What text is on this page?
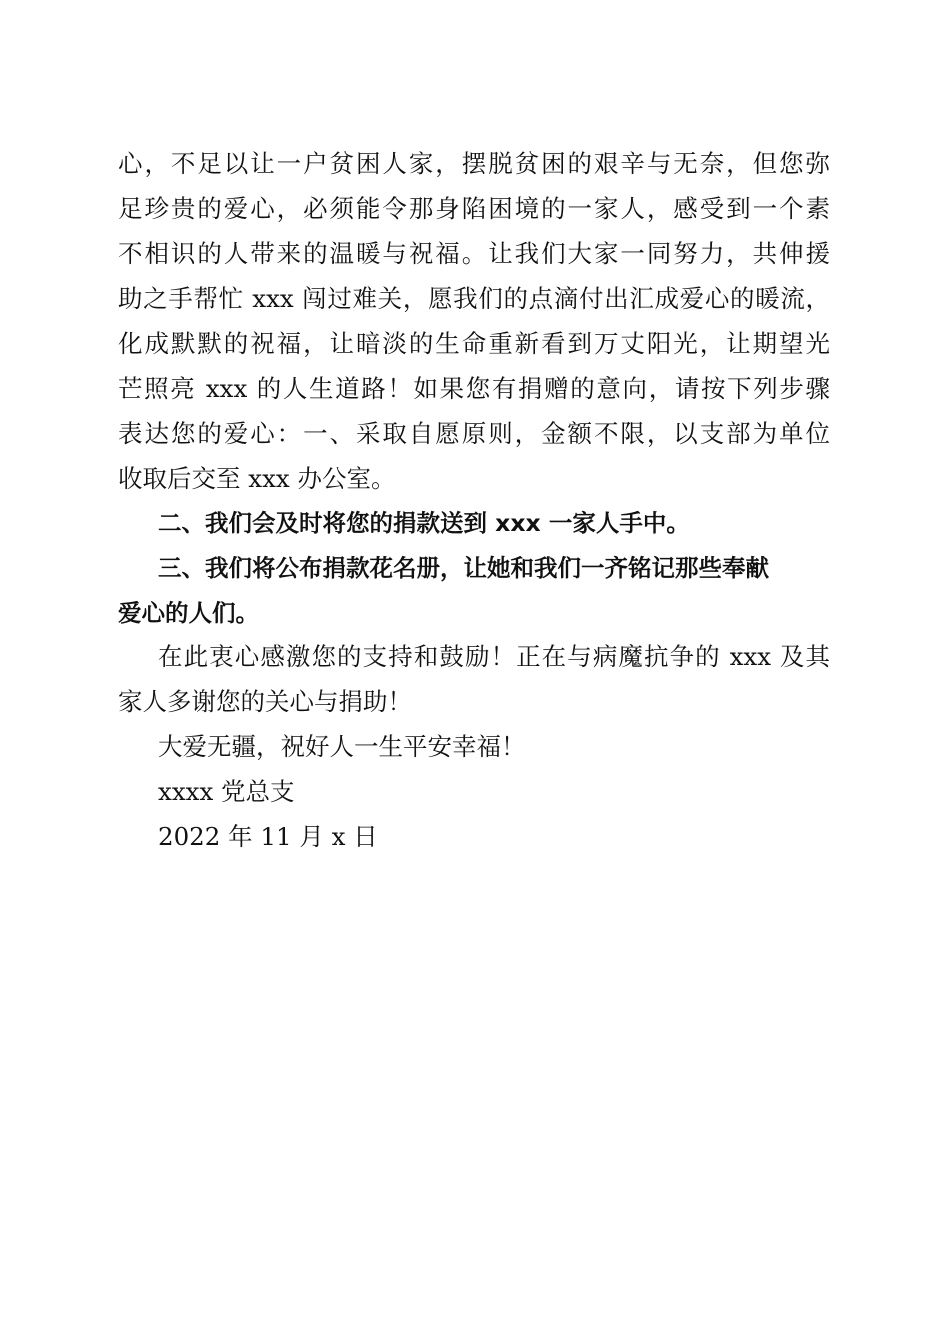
心，不足以让一户贫困人家，摆脱贫困的艰辛与无奈，但您弥
足珍贵的爱心，必须能令那身陷困境的一家人，感受到一个素
不相识的人带来的温暖与祝福。让我们大家一同努力，共伸援
助之手帮忙 xxx 闯过难关，愿我们的点滴付出汇成爱心的暖流，
化成默默的祝福，让暗淡的生命重新看到万丈阳光，让期望光
芒照亮 xxx 的人生道路！如果您有捐赠的意向，请按下列步骤
表达您的爱心：一、采取自愿原则，金额不限，以支部为单位
收取后交至 xxx 办公室。
二、我们会及时将您的捐款送到 xxx 一家人手中。
三、我们将公布捐款花名册，让她和我们一齐铭记那些奉献
爱心的人们。
在此衷心感激您的支持和鼓励！正在与病魔抗争的 xxx 及其
家人多谢您的关心与捐助！
大爱无疆，祝好人一生平安幸福！
xxxx 党总支
2022 年 11 月 x 日
